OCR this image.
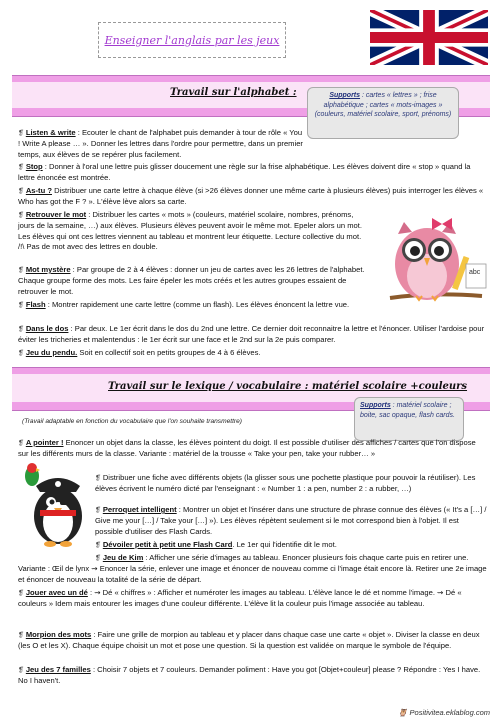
Enseigner l'anglais par les jeux
Travail sur l'alphabet :	Supports : cartes « lettres » ; frise alphabétique ; cartes « mots-images » (couleurs, matériel scolaire, sport, prénoms)
❡ Listen & write : Ecouter le chant de l'alphabet puis demander à tour de rôle « You ! Write A please … ». Donner les lettres dans l'ordre pour permettre, dans un premier temps, aux élèves de se repérer plus facilement.
❡ Stop : Donner à l'oral une lettre puis glisser doucement une règle sur la frise alphabétique. Les élèves doivent dire « stop » quand la lettre énoncée est montrée.
❡ As-tu ? Distribuer une carte lettre à chaque élève (si >26 élèves donner une même carte à plusieurs élèves) puis interroger les élèves « Who has got the F ? ». L'élève lève alors sa carte.
❡ Retrouver le mot : Distribuer les cartes « mots » (couleurs, matériel scolaire, nombres, prénoms, jours de la semaine, …) aux élèves. Plusieurs élèves peuvent avoir le même mot. Epeler alors un mot. Les élèves qui ont ces lettres viennent au tableau et montrent leur étiquette. Lecture collective du mot. /!\ Pas de mot avec des lettres en double.
❡ Mot mystère : Par groupe de 2 à 4 élèves : donner un jeu de cartes avec les 26 lettres de l'alphabet. Chaque groupe forme des mots. Les faire épeler les mots créés et les autres groupes essaient de retrouver le mot.
❡ Flash : Montrer rapidement une carte lettre (comme un flash). Les élèves énoncent la lettre vue.
❡ Dans le dos : Par deux. Le 1er écrit dans le dos du 2nd une lettre. Ce dernier doit reconnaitre la lettre et l'énoncer. Utiliser l'ardoise pour éviter les tricheries et malentendus : le 1er écrit sur une face et le 2nd sur la 2e puis comparer.
❡ Jeu du pendu. Soit en collectif soit en petits groupes de 4 à 6 élèves.
abc
Travail sur le lexique / vocabulaire : matériel scolaire +couleurs
(Travail adaptable en fonction du vocabulaire que l'on souhaite transmettre)
Supports : matériel scolaire ; boite, sac opaque, flash cards.
❡ A pointer ! Enoncer un objet dans la classe, les élèves pointent du doigt. Il est possible d'utiliser des affiches / cartes que l'on dispose sur les différents murs de la classe. Variante : matériel de la trousse « Take your pen, take your rubber… »
❡ Distribuer une fiche avec différents objets (la glisser sous une pochette plastique pour pouvoir la réutiliser). Les élèves écrivent le numéro dicté par l'enseignant : « Number 1 : a pen, number 2 : a rubber, …)
❡ Perroquet intelligent : Montrer un objet et l'insérer dans une structure de phrase connue des élèves (« It's a […] / Give me your […] / Take your […] »). Les élèves répètent seulement si le mot correspond bien à l'objet. Il est possible d'utiliser des Flash Cards.
❡ Dévoiler petit à petit une Flash Card. Le 1er qui l'identifie dit le mot.
❡ Jeu de Kim : Afficher une série d'images au tableau. Enoncer plusieurs fois chaque carte puis en retirer une. Variante : Œil de lynx ⇝ Enoncer la série, enlever une image et énoncer de nouveau comme ci l'image était encore là. Retirer une 2e image et énoncer de nouveau la totalité de la série de départ.
❡ Jouer avec un dé : ⇝ Dé « chiffres » : Afficher et numéroter les images au tableau. L'élève lance le dé et nomme l'image. ⇝ Dé « couleurs » Idem mais entourer les images d'une couleur différente. L'élève lit la couleur puis l'image associée au tableau.
❡ Morpion des mots : Faire une grille de morpion au tableau et y placer dans chaque case une carte « objet ». Diviser la classe en deux (les O et les X). Chaque équipe choisit un mot et pose une question. Si la question est validée on marque le symbole de l'équipe.
❡ Jeu des 7 familles : Choisir 7 objets et 7 couleurs. Demander poliment : Have you got [Objet+couleur] please ? Répondre : Yes I have. No I haven't.
🦉 Positivitea.eklablog.com
